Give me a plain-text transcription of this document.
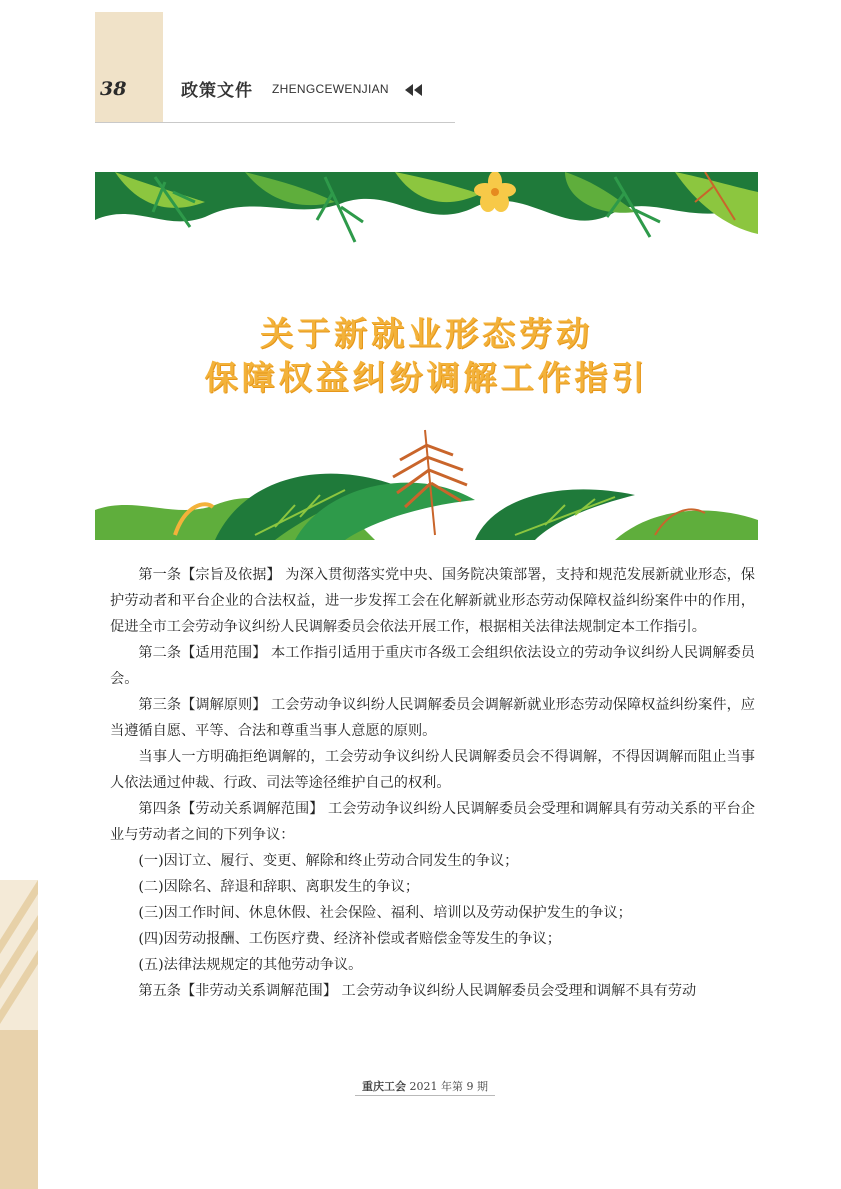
38	政策文件 ZHENGCEWENJIAN
关于新就业形态劳动
保障权益纠纷调解工作指引

第一条【宗旨及依据】 为深入贯彻落实党中央、国务院决策部署，支持和规范发展新就业形态，保护劳动者和平台企业的合法权益，进一步发挥工会在化解新就业形态劳动保障权益纠纷案件中的作用，促进全市工会劳动争议纠纷人民调解委员会依法开展工作，根据相关法律法规制定本工作指引。

第二条【适用范围】 本工作指引适用于重庆市各级工会组织依法设立的劳动争议纠纷人民调解委员会。

第三条【调解原则】 工会劳动争议纠纷人民调解委员会调解新就业形态劳动保障权益纠纷案件，应当遵循自愿、平等、合法和尊重当事人意愿的原则。

当事人一方明确拒绝调解的，工会劳动争议纠纷人民调解委员会不得调解，不得因调解而阻止当事人依法通过仲裁、行政、司法等途径维护自己的权利。

第四条【劳动关系调解范围】 工会劳动争议纠纷人民调解委员会受理和调解具有劳动关系的平台企业与劳动者之间的下列争议：

(一)因订立、履行、变更、解除和终止劳动合同发生的争议；

(二)因除名、辞退和辞职、离职发生的争议；

(三)因工作时间、休息休假、社会保险、福利、培训以及劳动保护发生的争议；

(四)因劳动报酬、工伤医疗费、经济补偿或者赔偿金等发生的争议；

(五)法律法规规定的其他劳动争议。

第五条【非劳动关系调解范围】 工会劳动争议纠纷人民调解委员会受理和调解不具有劳动

重庆工会 2021 年第 9 期
